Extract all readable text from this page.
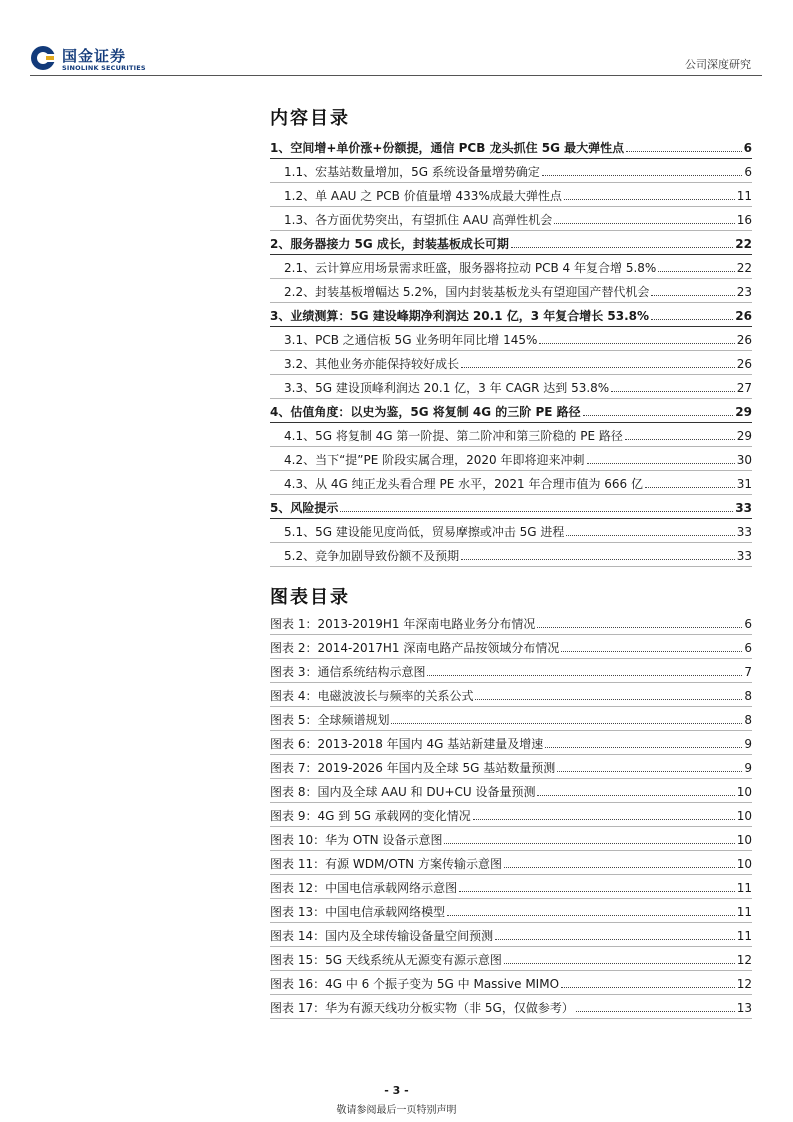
国金证券
SINOLINK SECURITIES	公司深度研究
内容目录
1、空间增+单价涨+份额提，通信 PCB 龙头抓住 5G 最大弹性点	6
1.1、宏基站数量增加，5G 系统设备量增势确定	6
1.2、单 AAU 之 PCB 价值量增 433%成最大弹性点	11
1.3、各方面优势突出，有望抓住 AAU 高弹性机会	16
2、服务器接力 5G 成长，封装基板成长可期	22
2.1、云计算应用场景需求旺盛，服务器将拉动 PCB 4 年复合增 5.8%	22
2.2、封装基板增幅达 5.2%，国内封装基板龙头有望迎国产替代机会	23
3、业绩测算：5G 建设峰期净利润达 20.1 亿，3 年复合增长 53.8%	26
3.1、PCB 之通信板 5G 业务明年同比增 145%	26
3.2、其他业务亦能保持较好成长	26
3.3、5G 建设顶峰利润达 20.1 亿，3 年 CAGR 达到 53.8%	27
4、估值角度：以史为鉴，5G 将复制 4G 的三阶 PE 路径	29
4.1、5G 将复制 4G 第一阶提、第二阶冲和第三阶稳的 PE 路径	29
4.2、当下“提”PE 阶段实属合理，2020 年即将迎来冲刺	30
4.3、从 4G 纯正龙头看合理 PE 水平，2021 年合理市值为 666 亿	31
5、风险提示	33
5.1、5G 建设能见度尚低，贸易摩擦或冲击 5G 进程	33
5.2、竞争加剧导致份额不及预期	33
图表目录
图表 1：2013-2019H1 年深南电路业务分布情况	6
图表 2：2014-2017H1 深南电路产品按领域分布情况	6
图表 3：通信系统结构示意图	7
图表 4：电磁波波长与频率的关系公式	8
图表 5：全球频谱规划	8
图表 6：2013-2018 年国内 4G 基站新建量及增速	9
图表 7：2019-2026 年国内及全球 5G 基站数量预测	9
图表 8：国内及全球 AAU 和 DU+CU 设备量预测	10
图表 9：4G 到 5G 承载网的变化情况	10
图表 10：华为 OTN 设备示意图	10
图表 11：有源 WDM/OTN 方案传输示意图	10
图表 12：中国电信承载网络示意图	11
图表 13：中国电信承载网络模型	11
图表 14：国内及全球传输设备量空间预测	11
图表 15：5G 天线系统从无源变有源示意图	12
图表 16：4G 中 6 个振子变为 5G 中 Massive MIMO	12
图表 17：华为有源天线功分板实物（非 5G，仅做参考）	13
- 3 -
敬请参阅最后一页特别声明
